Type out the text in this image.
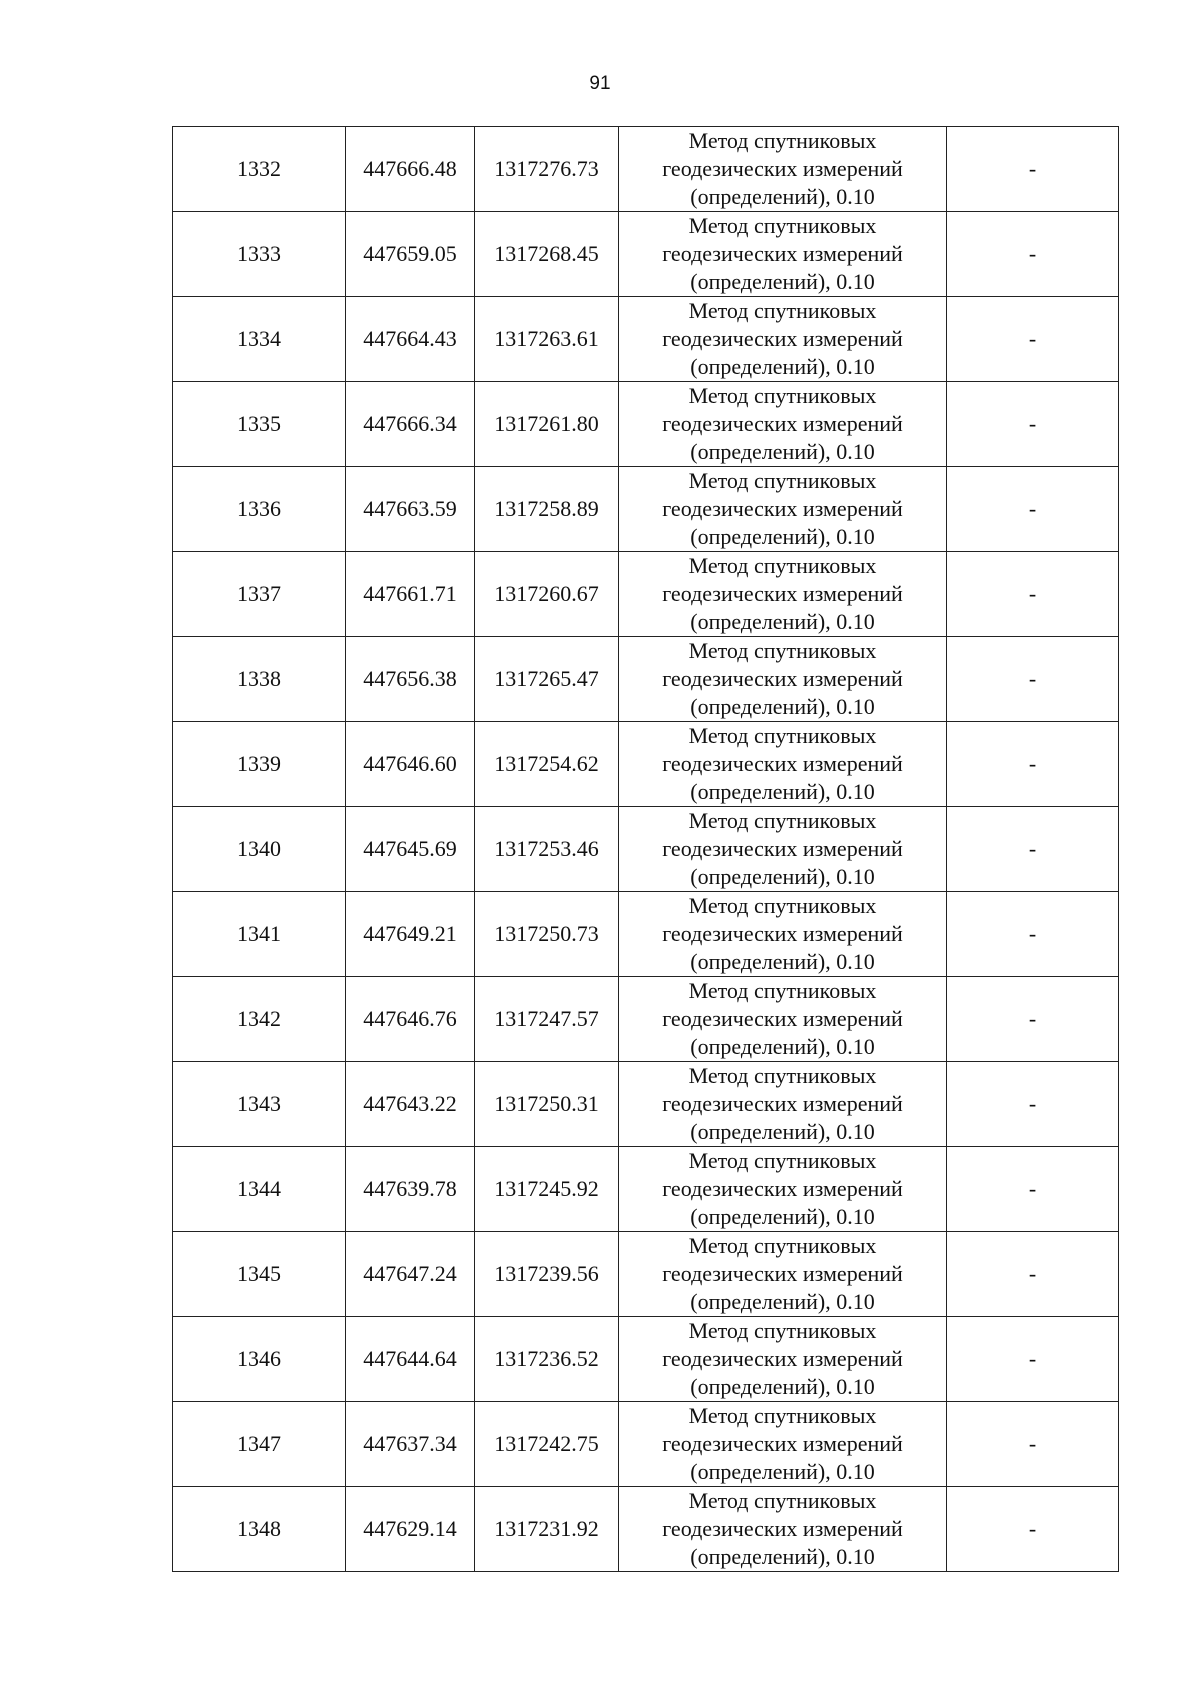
91
1332	447666.48	1317276.73	Метод спутниковых
геодезических измерений
(определений), 0.10	-
1333	447659.05	1317268.45	Метод спутниковых
геодезических измерений
(определений), 0.10	-
1334	447664.43	1317263.61	Метод спутниковых
геодезических измерений
(определений), 0.10	-
1335	447666.34	1317261.80	Метод спутниковых
геодезических измерений
(определений), 0.10	-
1336	447663.59	1317258.89	Метод спутниковых
геодезических измерений
(определений), 0.10	-
1337	447661.71	1317260.67	Метод спутниковых
геодезических измерений
(определений), 0.10	-
1338	447656.38	1317265.47	Метод спутниковых
геодезических измерений
(определений), 0.10	-
1339	447646.60	1317254.62	Метод спутниковых
геодезических измерений
(определений), 0.10	-
1340	447645.69	1317253.46	Метод спутниковых
геодезических измерений
(определений), 0.10	-
1341	447649.21	1317250.73	Метод спутниковых
геодезических измерений
(определений), 0.10	-
1342	447646.76	1317247.57	Метод спутниковых
геодезических измерений
(определений), 0.10	-
1343	447643.22	1317250.31	Метод спутниковых
геодезических измерений
(определений), 0.10	-
1344	447639.78	1317245.92	Метод спутниковых
геодезических измерений
(определений), 0.10	-
1345	447647.24	1317239.56	Метод спутниковых
геодезических измерений
(определений), 0.10	-
1346	447644.64	1317236.52	Метод спутниковых
геодезических измерений
(определений), 0.10	-
1347	447637.34	1317242.75	Метод спутниковых
геодезических измерений
(определений), 0.10	-
1348	447629.14	1317231.92	Метод спутниковых
геодезических измерений
(определений), 0.10	-
